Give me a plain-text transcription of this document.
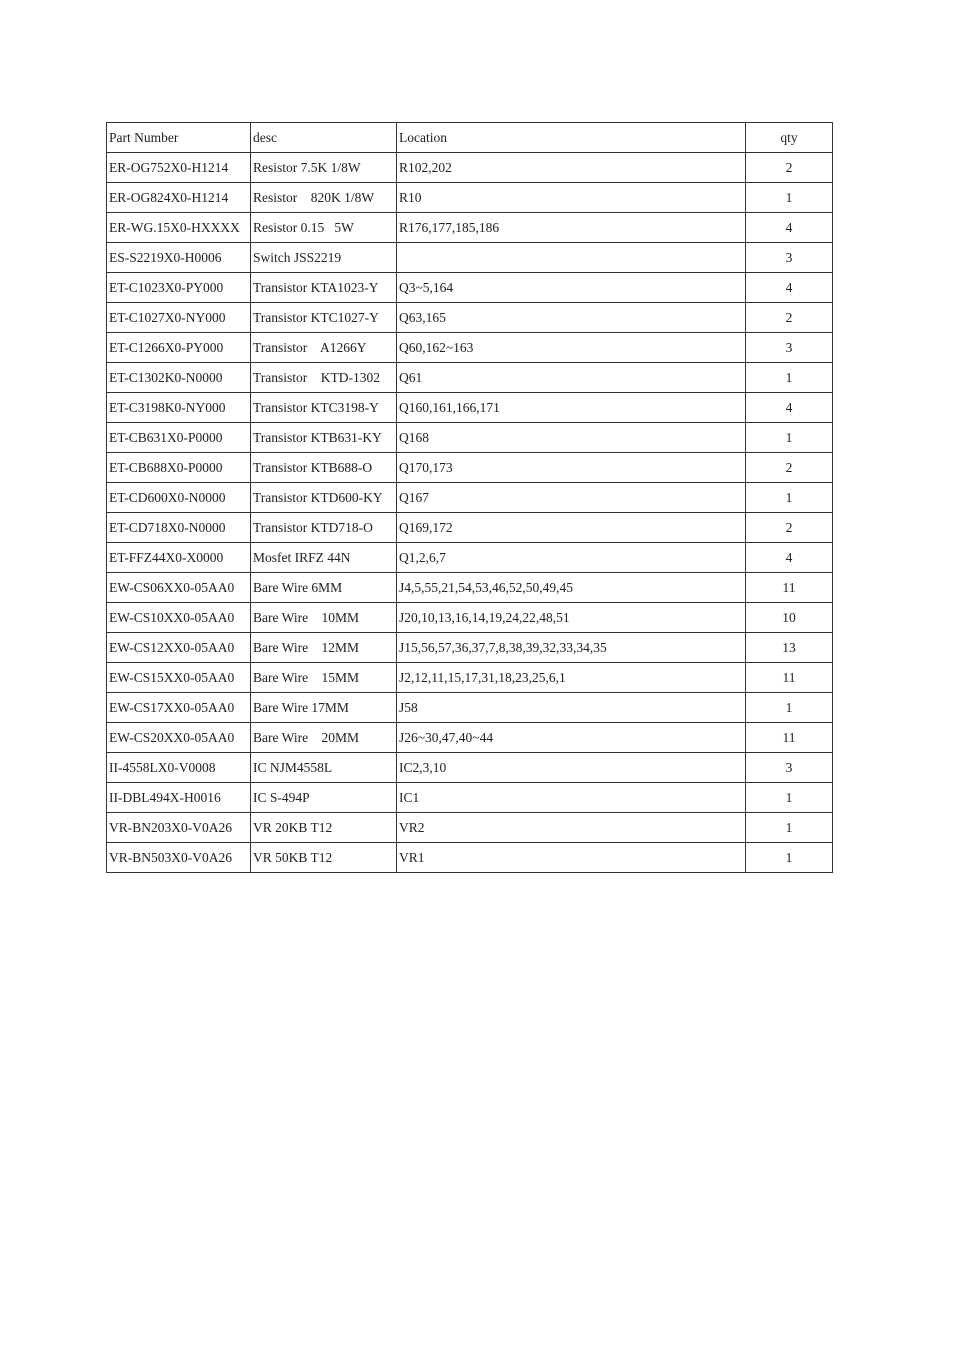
Part Number	desc	Location	qty
ER-OG752X0-H1214	Resistor 7.5K 1/8W	R102,202	2
ER-OG824X0-H1214	Resistor    820K 1/8W	R10	1
ER-WG.15X0-HXXXX	Resistor 0.15   5W	R176,177,185,186	4
ES-S2219X0-H0006	Switch JSS2219		3
ET-C1023X0-PY000	Transistor KTA1023-Y	Q3~5,164	4
ET-C1027X0-NY000	Transistor KTC1027-Y	Q63,165	2
ET-C1266X0-PY000	Transistor    A1266Y	Q60,162~163	3
ET-C1302K0-N0000	Transistor    KTD-1302	Q61	1
ET-C3198K0-NY000	Transistor KTC3198-Y	Q160,161,166,171	4
ET-CB631X0-P0000	Transistor KTB631-KY	Q168	1
ET-CB688X0-P0000	Transistor KTB688-O	Q170,173	2
ET-CD600X0-N0000	Transistor KTD600-KY	Q167	1
ET-CD718X0-N0000	Transistor KTD718-O	Q169,172	2
ET-FFZ44X0-X0000	Mosfet IRFZ 44N	Q1,2,6,7	4
EW-CS06XX0-05AA0	Bare Wire 6MM	J4,5,55,21,54,53,46,52,50,49,45	11
EW-CS10XX0-05AA0	Bare Wire    10MM	J20,10,13,16,14,19,24,22,48,51	10
EW-CS12XX0-05AA0	Bare Wire    12MM	J15,56,57,36,37,7,8,38,39,32,33,34,35	13
EW-CS15XX0-05AA0	Bare Wire    15MM	J2,12,11,15,17,31,18,23,25,6,1	11
EW-CS17XX0-05AA0	Bare Wire 17MM	J58	1
EW-CS20XX0-05AA0	Bare Wire    20MM	J26~30,47,40~44	11
II-4558LX0-V0008	IC NJM4558L	IC2,3,10	3
II-DBL494X-H0016	IC S-494P	IC1	1
VR-BN203X0-V0A26	VR 20KB T12	VR2	1
VR-BN503X0-V0A26	VR 50KB T12	VR1	1
